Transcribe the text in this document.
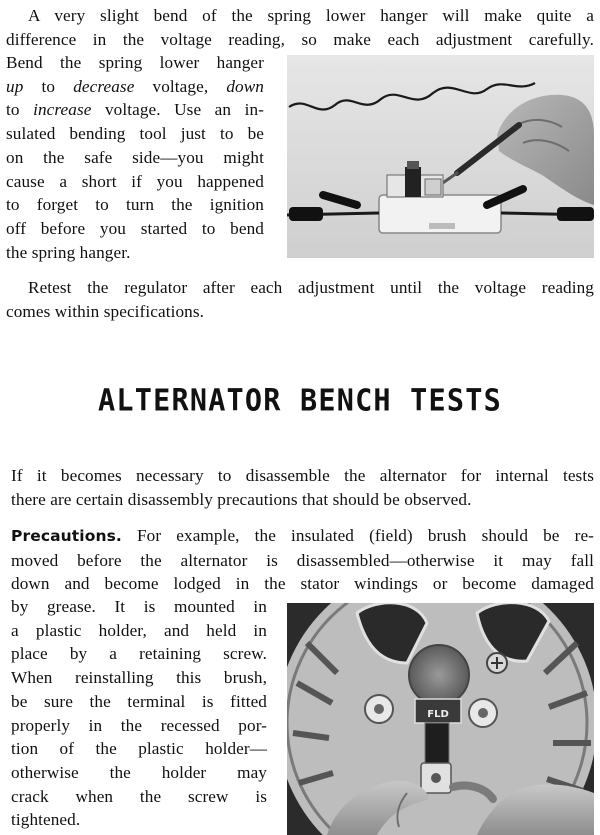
A very slight bend of the spring lower hanger will make quite a
difference in the voltage reading, so make each adjustment carefully.

Bend the spring lower hanger
up to decrease voltage, down
to increase voltage. Use an in-
sulated bending tool just to be
on the safe side—you might
cause a short if you happened
to forget to turn the ignition
off before you started to bend
the spring hanger.

Retest the regulator after each adjustment until the voltage reading
comes within specifications.

ALTERNATOR BENCH TESTS

If it becomes necessary to disassemble the alternator for internal tests
there are certain disassembly precautions that should be observed.

Precautions. For example, the insulated (field) brush should be re-
moved before the alternator is disassembled—otherwise it may fall
down and become lodged in the stator windings or become damaged

by grease. It is mounted in
a plastic holder, and held in
place by a retaining screw.
When reinstalling this brush,
be sure the terminal is fitted
properly in the recessed por-
tion of the plastic holder—
otherwise the holder may
crack when the screw is
tightened.

FLD
